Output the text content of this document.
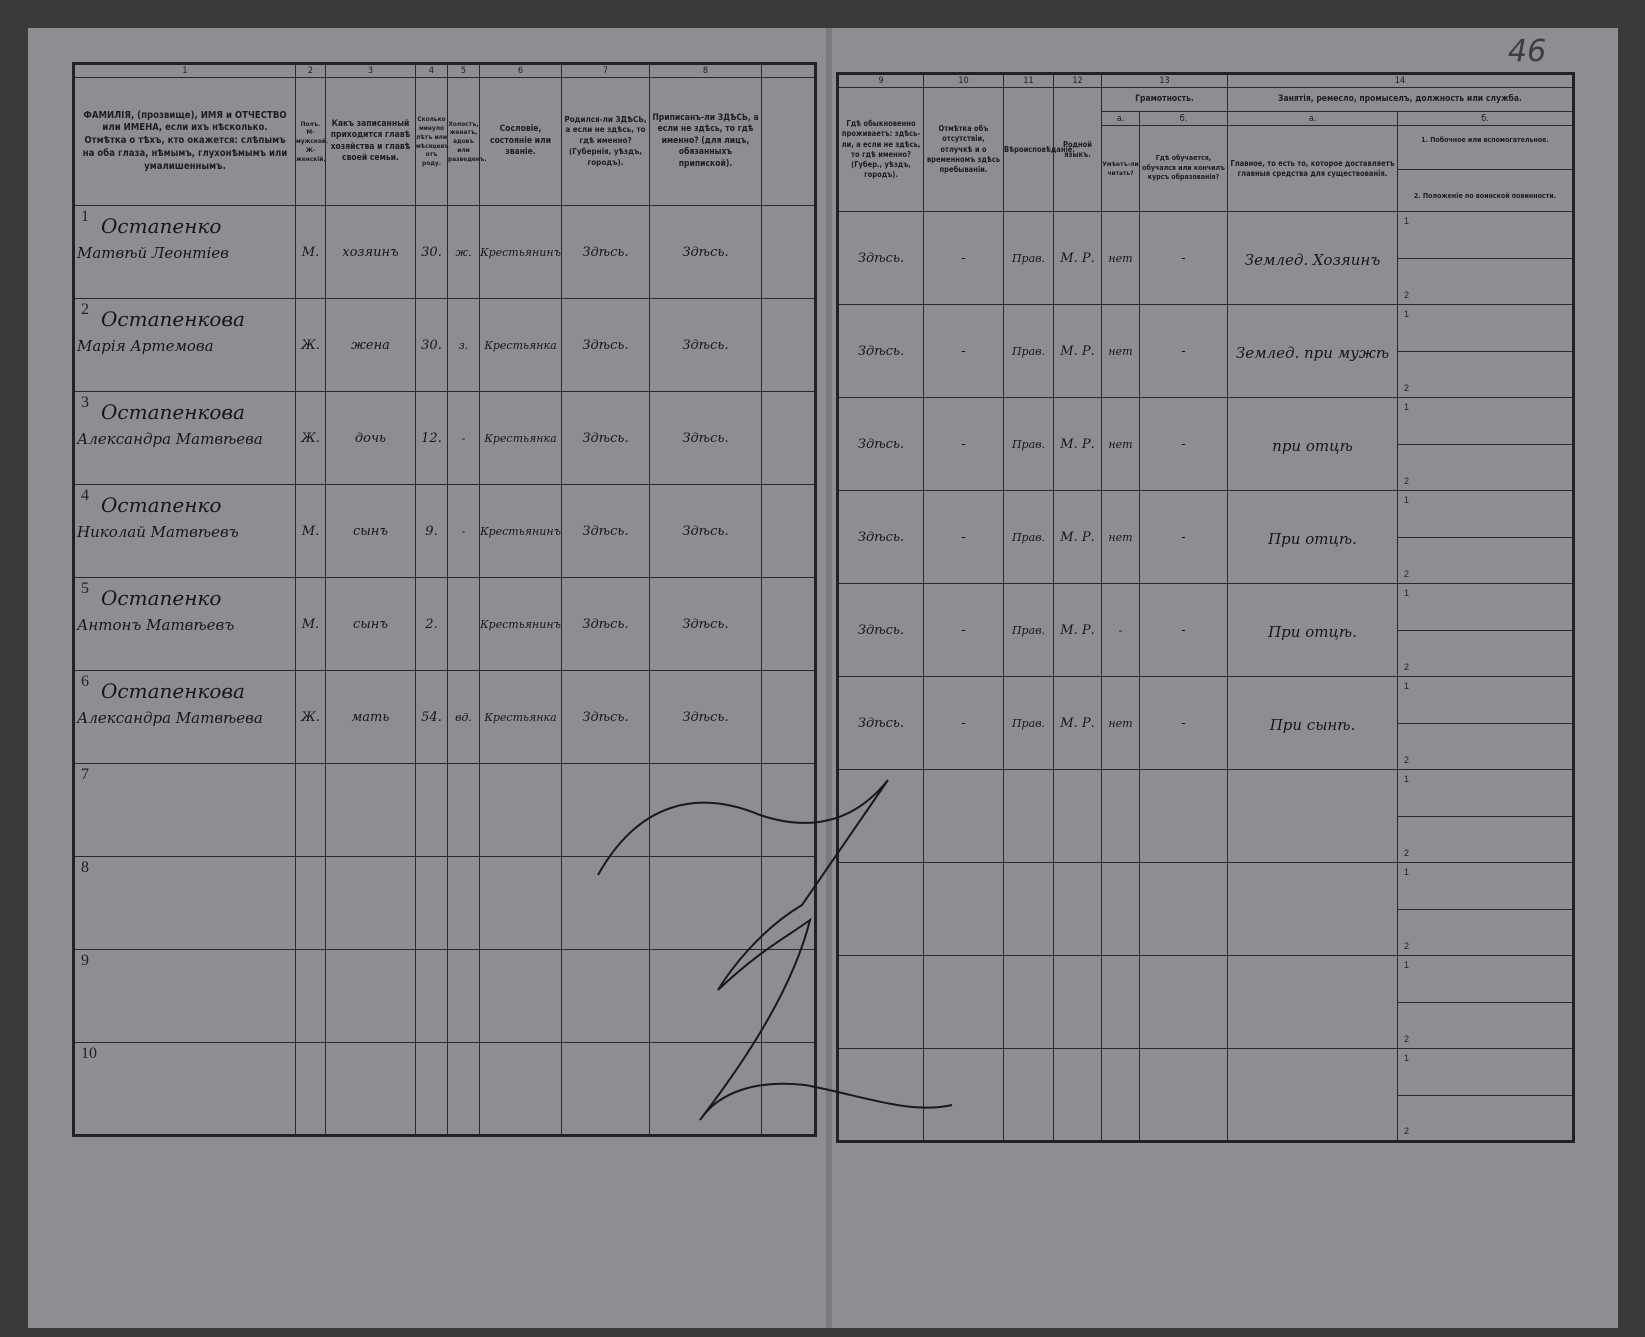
46
1	2	3	4	5	6	7	8	
ФАМИЛІЯ, (прозвище), ИМЯ и ОТЧЕСТВО или ИМЕНА, если ихъ нѣсколько. Отмѣтка о тѣхъ, кто окажется: слѣпымъ на оба глаза, нѣмымъ, глухонѣмымъ или умалишеннымъ.	Полъ. М-мужской. Ж-женскій.	Какъ записанный приходится главѣ хозяйства и главѣ своей семьи.	Сколько минуло лѣтъ или мѣсяцевъ отъ роду.	Холостъ, женатъ, вдовъ или разведенъ.	Сословіе, состояніе или званіе.	Родился-ли ЗДѢСЬ, а если не здѣсь, то гдѣ именно? (Губернія, уѣздъ, городъ).	Приписанъ-ли ЗДѢСЬ, а если не здѣсь, то гдѣ именно? (для лицъ, обязанныхъ припиской).	

1 Остапенко
Матвѣй Леонтiев	М.	хозяинъ	30.	ж.	Крестьянинъ	Здѣсь.	Здѣсь.	

2 Остапенкова
Марiя Артемова	Ж.	жена	30.	з.	Крестьянка	Здѣсь.	Здѣсь.	

3 Остапенкова
Александра Матвѣева	Ж.	дочь	12.	-	Крестьянка	Здѣсь.	Здѣсь.	

4 Остапенко
Николай Матвѣевъ	М.	сынъ	9.	-	Крестьянинъ	Здѣсь.	Здѣсь.	

5 Остапенко
Антонъ Матвѣевъ	М.	сынъ	2.		Крестьянинъ	Здѣсь.	Здѣсь.	

6 Остапенкова
Александра Матвѣева	Ж.	мать	54.	вд.	Крестьянка	Здѣсь.	Здѣсь.	

7								

8								

9								

10								

9	10	11	12	13		14	
Гдѣ обыкновенно проживаетъ: здѣсь-ли, а если не здѣсь, то гдѣ именно? (Губер., уѣздъ, городъ).	Отмѣтка объ отсутствіи, отлучкѣ и о временномъ здѣсь пребываніи.	Вѣроисповѣданіе.	Родной языкъ.	Грамотность.		Занятія, ремесло, промыселъ, должность или служба.	
				а.	б.	а.	б.
				Умѣетъ-ли читать?	Гдѣ обучается, обучался или кончилъ курсъ образованія?	Главное, то есть то, которое доставляетъ главныя средства для существованія.	1. Побочное или вспомогательное.
2. Положеніе по воинской повинности.

Здѣсь.	-	Прав.	М. Р.	нет	-	Землед. Хозяинъ	1
2

Здѣсь.	-	Прав.	М. Р.	нет	-	Землед. при мужѣ	1
2

Здѣсь.	-	Прав.	М. Р.	нет	-	при отцѣ	1
2

Здѣсь.	-	Прав.	М. Р.	нет	-	При отцѣ.	1
2

Здѣсь.	-	Прав.	М. Р.	-	-	При отцѣ.	1
2

Здѣсь.	-	Прав.	М. Р.	нет	-	При сынѣ.	1
2

							1
2

							1
2

							1
2

							1
2
